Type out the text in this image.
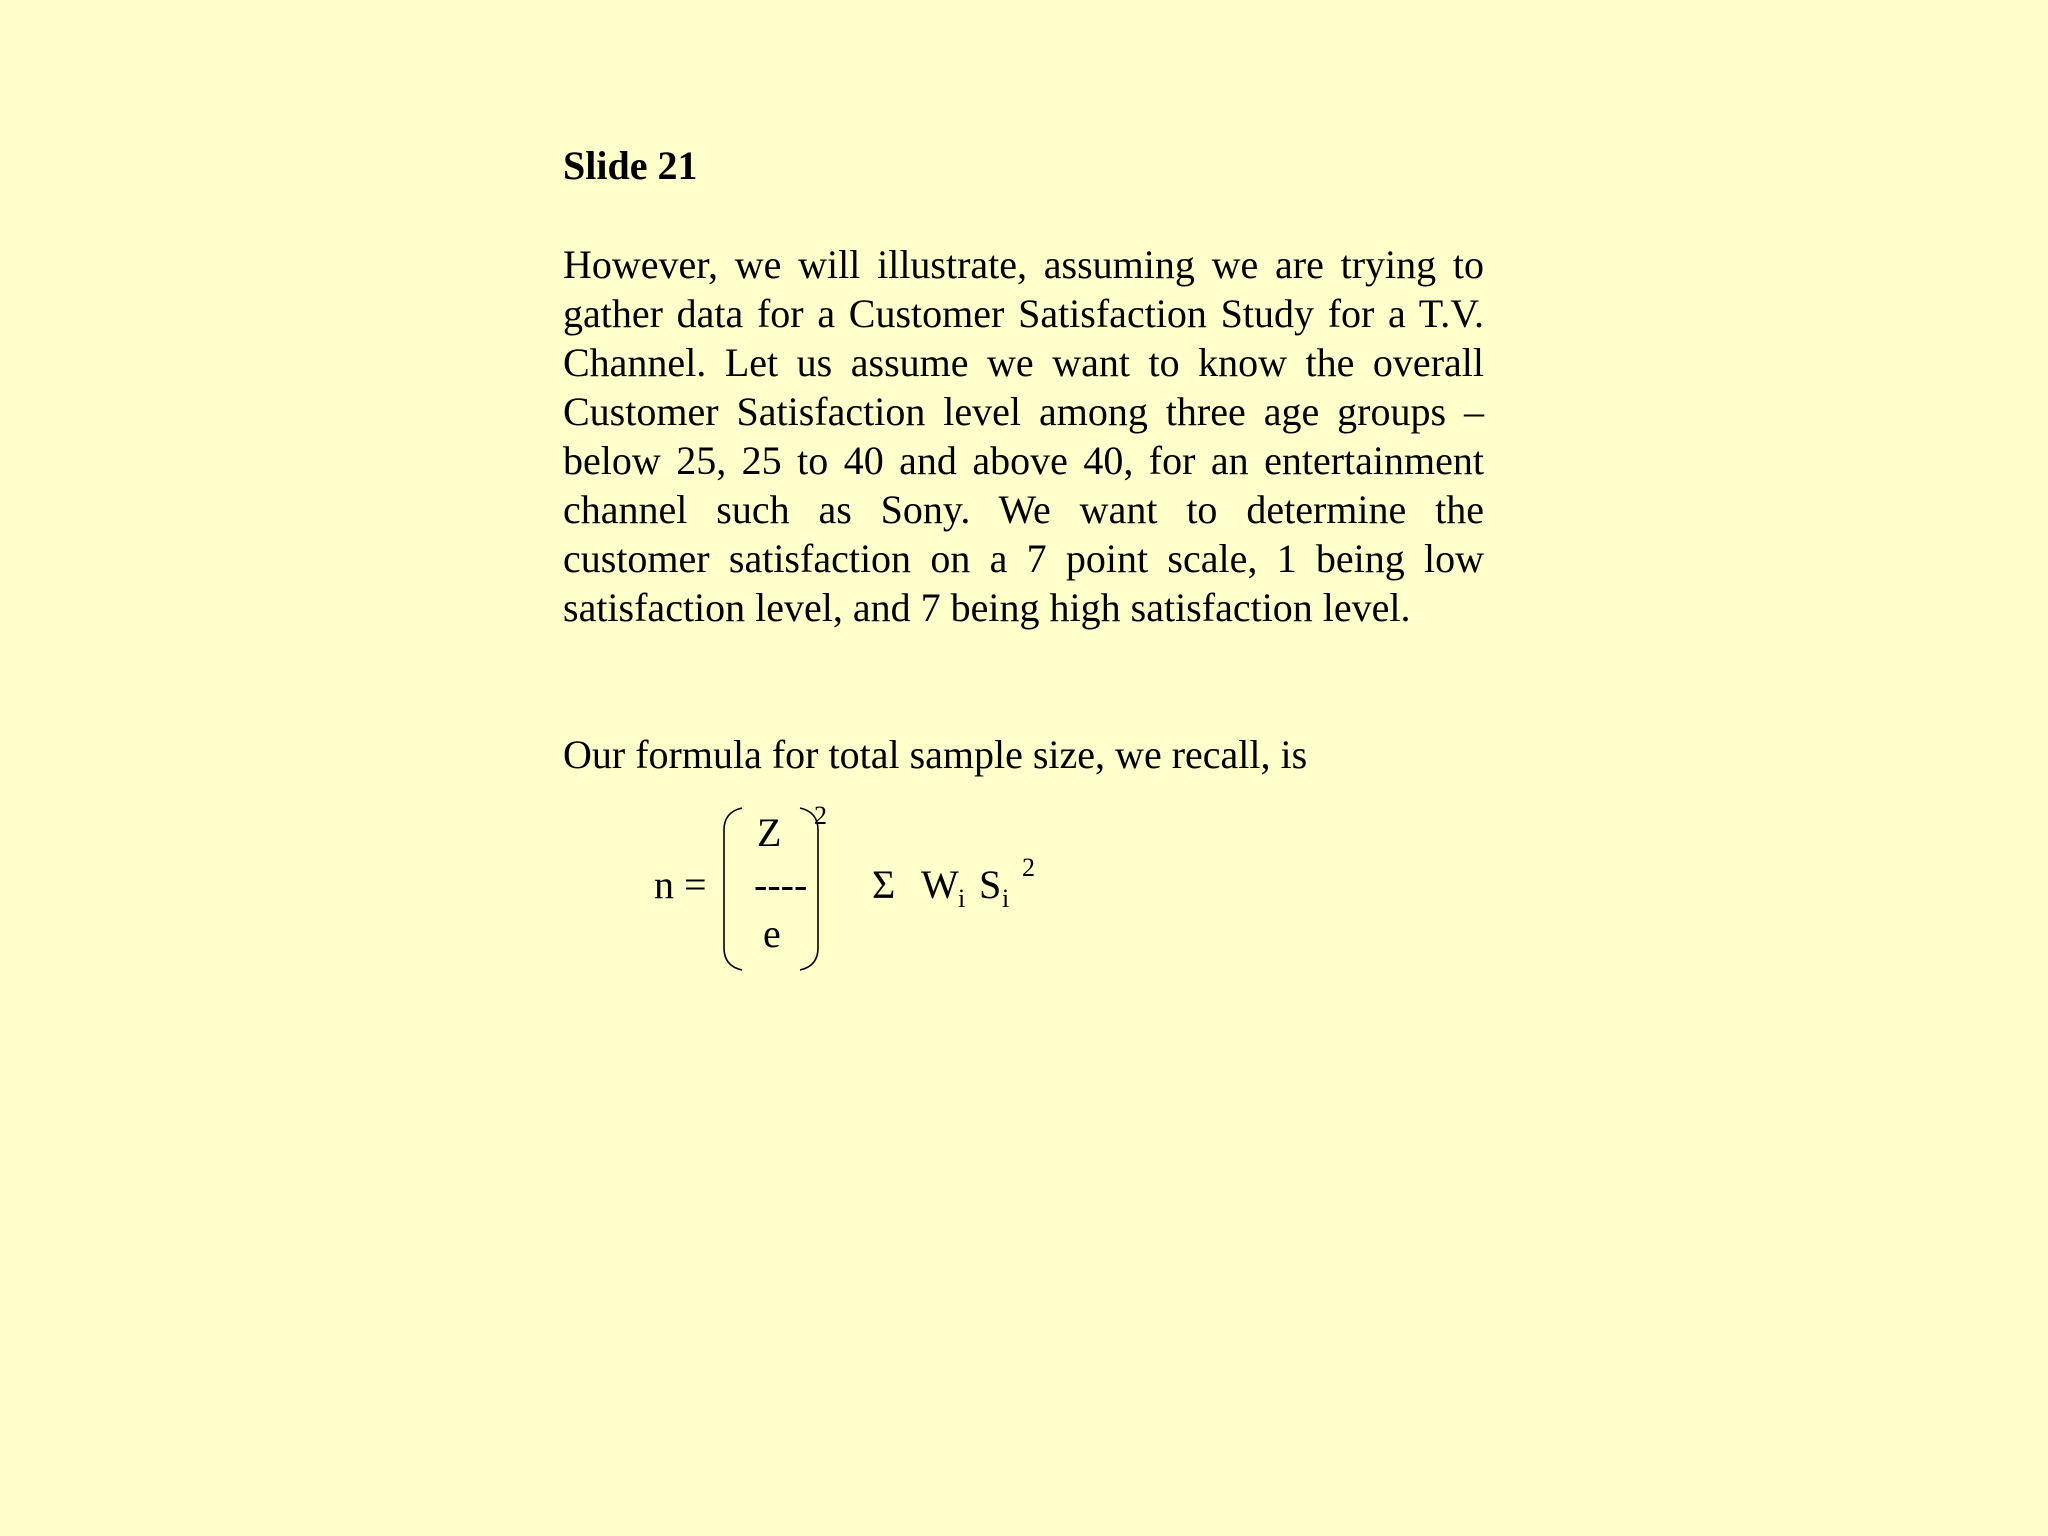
Slide 21

However, we will illustrate, assuming we are trying to gather data for a Customer Satisfaction Study for a T.V. Channel. Let us assume we want to know the overall Customer Satisfaction level among three age groups – below 25, 25 to 40 and above 40, for an entertainment channel such as Sony. We want to determine the customer satisfaction on a 7 point scale, 1 being low satisfaction level, and 7 being high satisfaction level.

Our formula for total sample size, we recall, is

n =
Z
----
e
2
Σ W i S i
2
